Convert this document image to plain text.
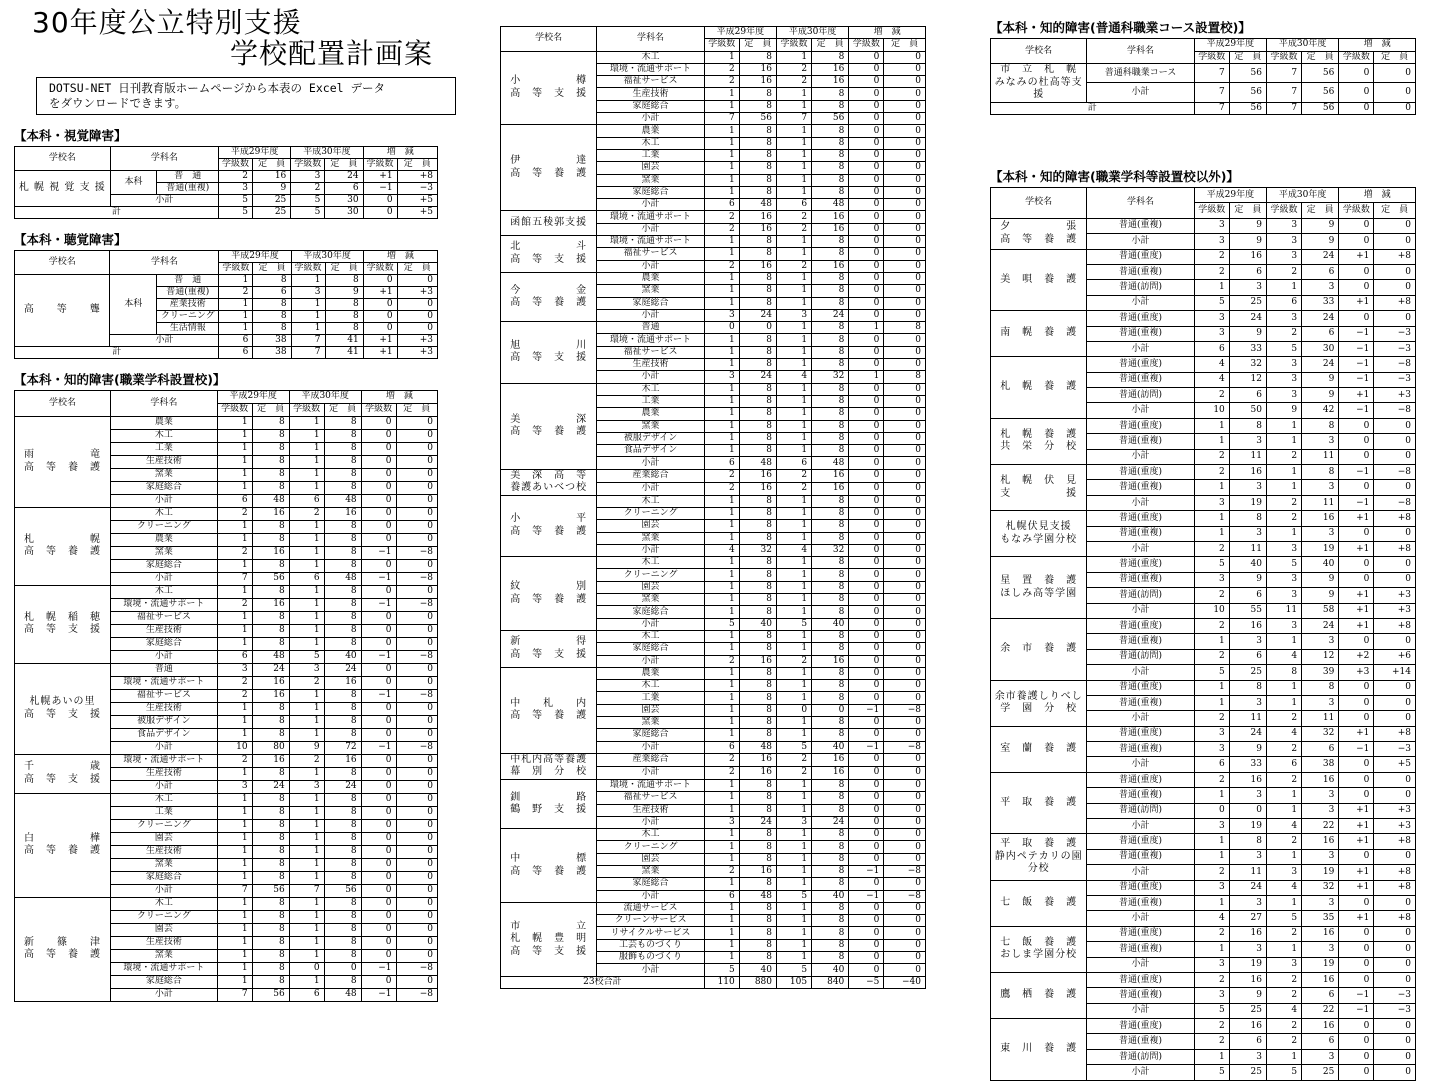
30年度公立特別支援
学校配置計画案
DOTSU-NET 日刊教育版ホームページから本表の Excel データ
をダウンロードできます。
【本科・視覚障害】
学校名	学科名		平成29年度		平成30年度		増　減	
			学級数	定　員	学級数	定　員	学級数	定　員
札 幌 視 覚 支 援	本科	普　通	2	16	3	24	+1	+8
		普通(重複)	3	9	2	6	−1	−3
	小計		5	25	5	30	0	+5
計			5	25	5	30	0	+5
【本科・聴覚障害】
学校名	学科名		平成29年度		平成30年度		増　減	
			学級数	定　員	学級数	定　員	学級数	定　員
高　　等　　聾	本科	普　通	1	8	1	8	0	0
		普通(重複)	2	6	3	9	+1	+3
		産業技術	1	8	1	8	0	0
		クリーニング	1	8	1	8	0	0
		生活情報	1	8	1	8	0	0
	小計		6	38	7	41	+1	+3
計			6	38	7	41	+1	+3
【本科・知的障害(職業学科設置校)】
学校名	学科名	平成29年度		平成30年度		増　減	
		学級数	定　員	学級数	定　員	学級数	定　員
雨　　　　　竜
高　等　養　護	農業	1	8	1	8	0	0
	木工	1	8	1	8	0	0
	工業	1	8	1	8	0	0
	生産技術	1	8	1	8	0	0
	窯業	1	8	1	8	0	0
	家庭総合	1	8	1	8	0	0
	小計	6	48	6	48	0	0
札　　　　　幌
高　等　養　護	木工	2	16	2	16	0	0
	クリーニング	1	8	1	8	0	0
	農業	1	8	1	8	0	0
	窯業	2	16	1	8	−1	−8
	家庭総合	1	8	1	8	0	0
	小計	7	56	6	48	−1	−8
札　幌　稲　穂
高　等　支　援	木工	1	8	1	8	0	0
	環境・流通サポート	2	16	1	8	−1	−8
	福祉サービス	1	8	1	8	0	0
	生産技術	1	8	1	8	0	0
	家庭総合	1	8	1	8	0	0
	小計	6	48	5	40	−1	−8
札幌あいの里
高　等　支　援	普通	3	24	3	24	0	0
	環境・流通サポート	2	16	2	16	0	0
	福祉サービス	2	16	1	8	−1	−8
	生産技術	1	8	1	8	0	0
	被服デザイン	1	8	1	8	0	0
	食品デザイン	1	8	1	8	0	0
	小計	10	80	9	72	−1	−8
千　　　　　歳
高　等　支　援	環境・流通サポート	2	16	2	16	0	0
	生産技術	1	8	1	8	0	0
	小計	3	24	3	24	0	0
白　　　　　樺
高　等　養　護	木工	1	8	1	8	0	0
	工業	1	8	1	8	0	0
	クリーニング	1	8	1	8	0	0
	園芸	1	8	1	8	0	0
	生産技術	1	8	1	8	0	0
	窯業	1	8	1	8	0	0
	家庭総合	1	8	1	8	0	0
	小計	7	56	7	56	0	0
新　　篠　　津
高　等　養　護	木工	1	8	1	8	0	0
	クリーニング	1	8	1	8	0	0
	園芸	1	8	1	8	0	0
	生産技術	1	8	1	8	0	0
	窯業	1	8	1	8	0	0
	環境・流通サポート	1	8	0	0	−1	−8
	家庭総合	1	8	1	8	0	0
	小計	7	56	6	48	−1	−8
学校名	学科名	平成29年度		平成30年度		増　減	
		学級数	定　員	学級数	定　員	学級数	定　員
小　　　　　樽
高　等　支　援	木工	1	8	1	8	0	0
	環境・流通サポート	2	16	2	16	0	0
	福祉サービス	2	16	2	16	0	0
	生産技術	1	8	1	8	0	0
	家庭総合	1	8	1	8	0	0
	小計	7	56	7	56	0	0
伊　　　　　達
高　等　養　護	農業	1	8	1	8	0	0
	木工	1	8	1	8	0	0
	工業	1	8	1	8	0	0
	園芸	1	8	1	8	0	0
	窯業	1	8	1	8	0	0
	家庭総合	1	8	1	8	0	0
	小計	6	48	6	48	0	0
函館五稜郭支援	環境・流通サポート	2	16	2	16	0	0
	小計	2	16	2	16	0	0
北　　　　　斗
高　等　支　援	環境・流通サポート	1	8	1	8	0	0
	福祉サービス	1	8	1	8	0	0
	小計	2	16	2	16	0	0
今　　　　　金
高　等　養　護	農業	1	8	1	8	0	0
	窯業	1	8	1	8	0	0
	家庭総合	1	8	1	8	0	0
	小計	3	24	3	24	0	0
旭　　　　　川
高　等　支　援	普通	0	0	1	8	1	8
	環境・流通サポート	1	8	1	8	0	0
	福祉サービス	1	8	1	8	0	0
	生産技術	1	8	1	8	0	0
	小計	3	24	4	32	1	8
美　　　　　深
高　等　養　護	木工	1	8	1	8	0	0
	工業	1	8	1	8	0	0
	農業	1	8	1	8	0	0
	窯業	1	8	1	8	0	0
	被服デザイン	1	8	1	8	0	0
	食品デザイン	1	8	1	8	0	0
	小計	6	48	6	48	0	0
美　深　高　等
養護あいべつ校	産業総合	2	16	2	16	0	0
	小計	2	16	2	16	0	0
小　　　　　平
高　等　養　護	木工	1	8	1	8	0	0
	クリーニング	1	8	1	8	0	0
	園芸	1	8	1	8	0	0
	窯業	1	8	1	8	0	0
	小計	4	32	4	32	0	0
紋　　　　　別
高　等　養　護	木工	1	8	1	8	0	0
	クリーニング	1	8	1	8	0	0
	園芸	1	8	1	8	0	0
	窯業	1	8	1	8	0	0
	家庭総合	1	8	1	8	0	0
	小計	5	40	5	40	0	0
新　　　　　得
高　等　支　援	木工	1	8	1	8	0	0
	家庭総合	1	8	1	8	0	0
	小計	2	16	2	16	0	0
中　　札　　内
高　等　養　護	農業	1	8	1	8	0	0
	木工	1	8	1	8	0	0
	工業	1	8	1	8	0	0
	園芸	1	8	0	0	−1	−8
	窯業	1	8	1	8	0	0
	家庭総合	1	8	1	8	0	0
	小計	6	48	5	40	−1	−8
中札内高等養護
幕　別　分　校	産業総合	2	16	2	16	0	0
	小計	2	16	2	16	0	0
釧　　　　　路
鶴　野　支　援	環境・流通サポート	1	8	1	8	0	0
	福祉サービス	1	8	1	8	0	0
	生産技術	1	8	1	8	0	0
	小計	3	24	3	24	0	0
中　　　　　標
高　等　養　護	木工	1	8	1	8	0	0
	クリーニング	1	8	1	8	0	0
	園芸	1	8	1	8	0	0
	窯業	2	16	1	8	−1	−8
	家庭総合	1	8	1	8	0	0
	小計	6	48	5	40	−1	−8
市　　　　　立
札　幌　豊　明
高　等　支　援	流通サービス	1	8	1	8	0	0
	クリーンサービス	1	8	1	8	0	0
	リサイクルサービス	1	8	1	8	0	0
	工芸ものづくり	1	8	1	8	0	0
	服飾ものづくり	1	8	1	8	0	0
	小計	5	40	5	40	0	0
23校合計		110	880	105	840	−5	−40
【本科・知的障害(普通科職業コース設置校)】
学校名	学科名	平成29年度		平成30年度		増　減	
		学級数	定　員	学級数	定　員	学級数	定　員
市　立　札　幌
みなみの杜高等支援	普通科職業コース	7	56	7	56	0	0
	小計	7	56	7	56	0	0
計		7	56	7	56	0	0
【本科・知的障害(職業学科等設置校以外)】
学校名	学科名	平成29年度		平成30年度		増　減	
		学級数	定　員	学級数	定　員	学級数	定　員
夕　　　　　張
高　等　養　護	普通(重複)	3	9	3	9	0	0
	小計	3	9	3	9	0	0
美　唄　養　護	普通(重度)	2	16	3	24	+1	+8
	普通(重複)	2	6	2	6	0	0
	普通(訪問)	1	3	1	3	0	0
	小計	5	25	6	33	+1	+8
南　幌　養　護	普通(重度)	3	24	3	24	0	0
	普通(重複)	3	9	2	6	−1	−3
	小計	6	33	5	30	−1	−3
札　幌　養　護	普通(重度)	4	32	3	24	−1	−8
	普通(重複)	4	12	3	9	−1	−3
	普通(訪問)	2	6	3	9	+1	+3
	小計	10	50	9	42	−1	−8
札　幌　養　護
共　栄　分　校	普通(重度)	1	8	1	8	0	0
	普通(重複)	1	3	1	3	0	0
	小計	2	11	2	11	0	0
札　幌　伏　見
支　　　　　援	普通(重度)	2	16	1	8	−1	−8
	普通(重複)	1	3	1	3	0	0
	小計	3	19	2	11	−1	−8
札幌伏見支援
もなみ学園分校	普通(重度)	1	8	2	16	+1	+8
	普通(重複)	1	3	1	3	0	0
	小計	2	11	3	19	+1	+8
星　置　養　護
ほしみ高等学園	普通(重度)	5	40	5	40	0	0
	普通(重複)	3	9	3	9	0	0
	普通(訪問)	2	6	3	9	+1	+3
	小計	10	55	11	58	+1	+3
余　市　養　護	普通(重度)	2	16	3	24	+1	+8
	普通(重複)	1	3	1	3	0	0
	普通(訪問)	2	6	4	12	+2	+6
	小計	5	25	8	39	+3	+14
余市養護しりべし
学　園　分　校	普通(重度)	1	8	1	8	0	0
	普通(重複)	1	3	1	3	0	0
	小計	2	11	2	11	0	0
室　蘭　養　護	普通(重度)	3	24	4	32	+1	+8
	普通(重複)	3	9	2	6	−1	−3
	小計	6	33	6	38	0	+5
平　取　養　護	普通(重度)	2	16	2	16	0	0
	普通(重複)	1	3	1	3	0	0
	普通(訪問)	0	0	1	3	+1	+3
	小計	3	19	4	22	+1	+3
平　取　養　護
静内ペテカリの園分校	普通(重度)	1	8	2	16	+1	+8
	普通(重複)	1	3	1	3	0	0
	小計	2	11	3	19	+1	+8
七　飯　養　護	普通(重度)	3	24	4	32	+1	+8
	普通(重複)	1	3	1	3	0	0
	小計	4	27	5	35	+1	+8
七　飯　養　護
おしま学園分校	普通(重度)	2	16	2	16	0	0
	普通(重複)	1	3	1	3	0	0
	小計	3	19	3	19	0	0
鷹　栖　養　護	普通(重度)	2	16	2	16	0	0
	普通(重複)	3	9	2	6	−1	−3
	小計	5	25	4	22	−1	−3
東　川　養　護	普通(重度)	2	16	2	16	0	0
	普通(重複)	2	6	2	6	0	0
	普通(訪問)	1	3	1	3	0	0
	小計	5	25	5	25	0	0
